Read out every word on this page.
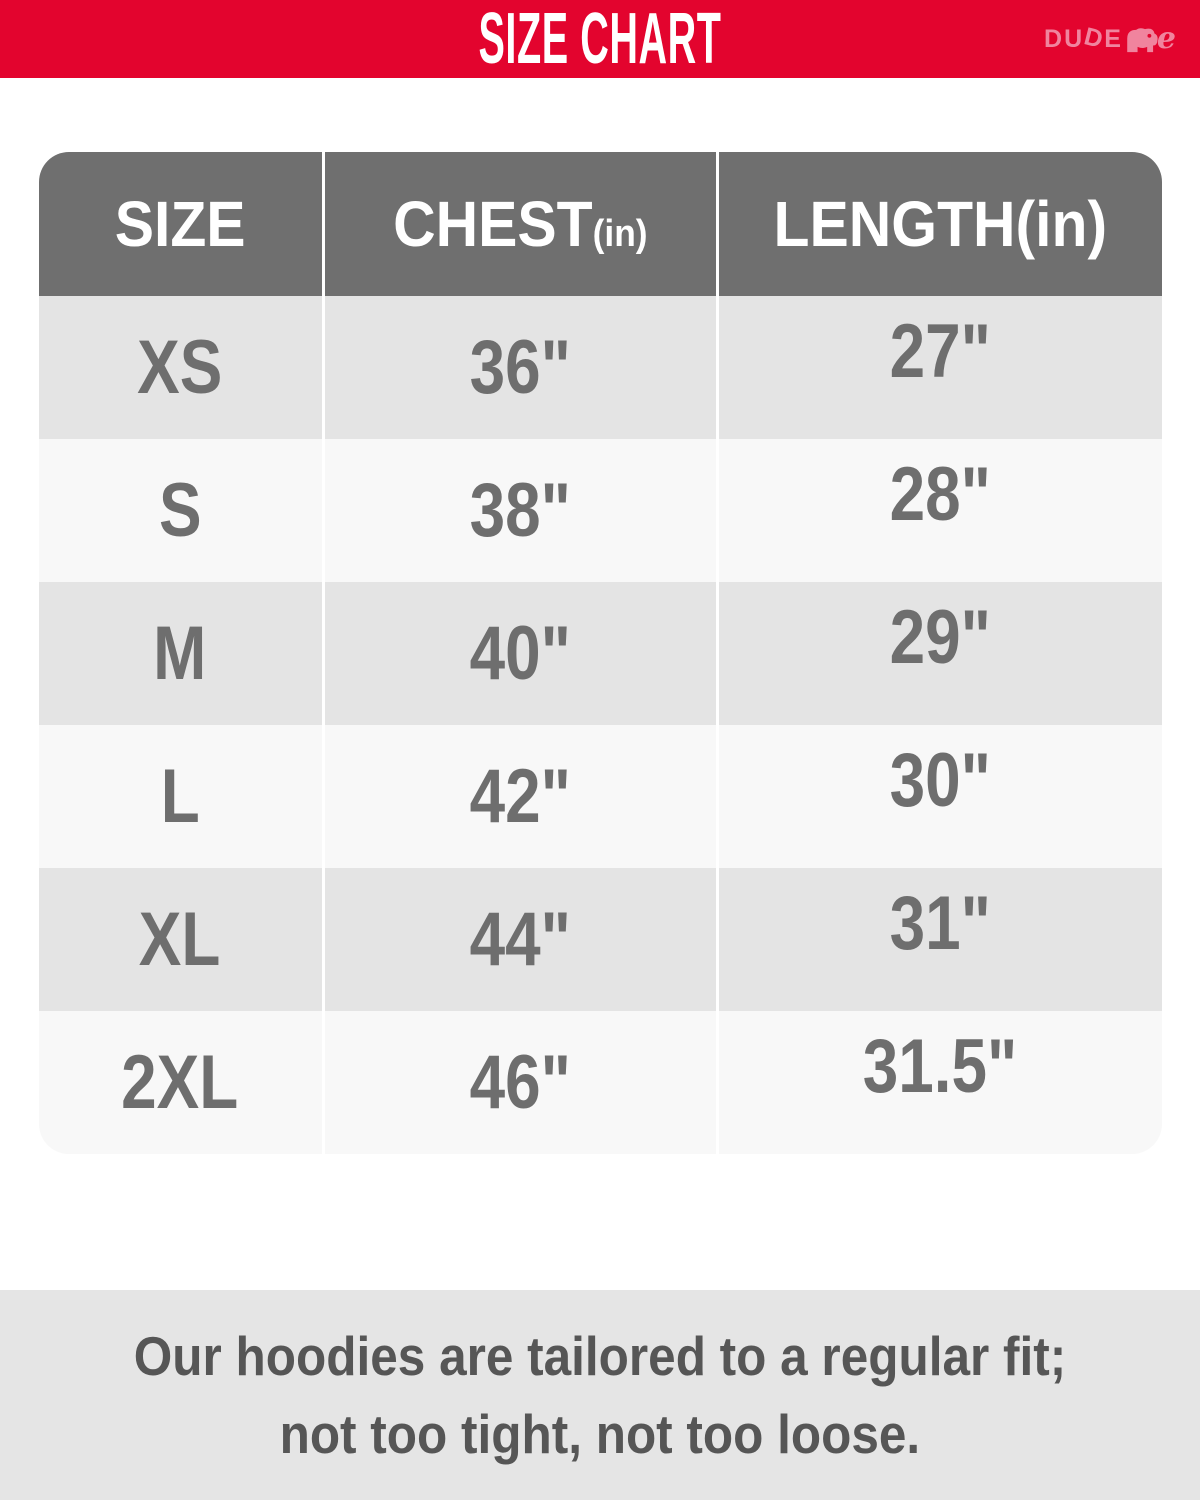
SIZE CHART	D U D
E e
SIZE CHEST(in) LENGTH(in)
XS	36"	27"
S	38"	28"
M	40"	29"
L	42"	30"
XL	44"	31"
2XL	46"	31.5"

Our hoodies are tailored to a regular fit;

not too tight, not too loose.
